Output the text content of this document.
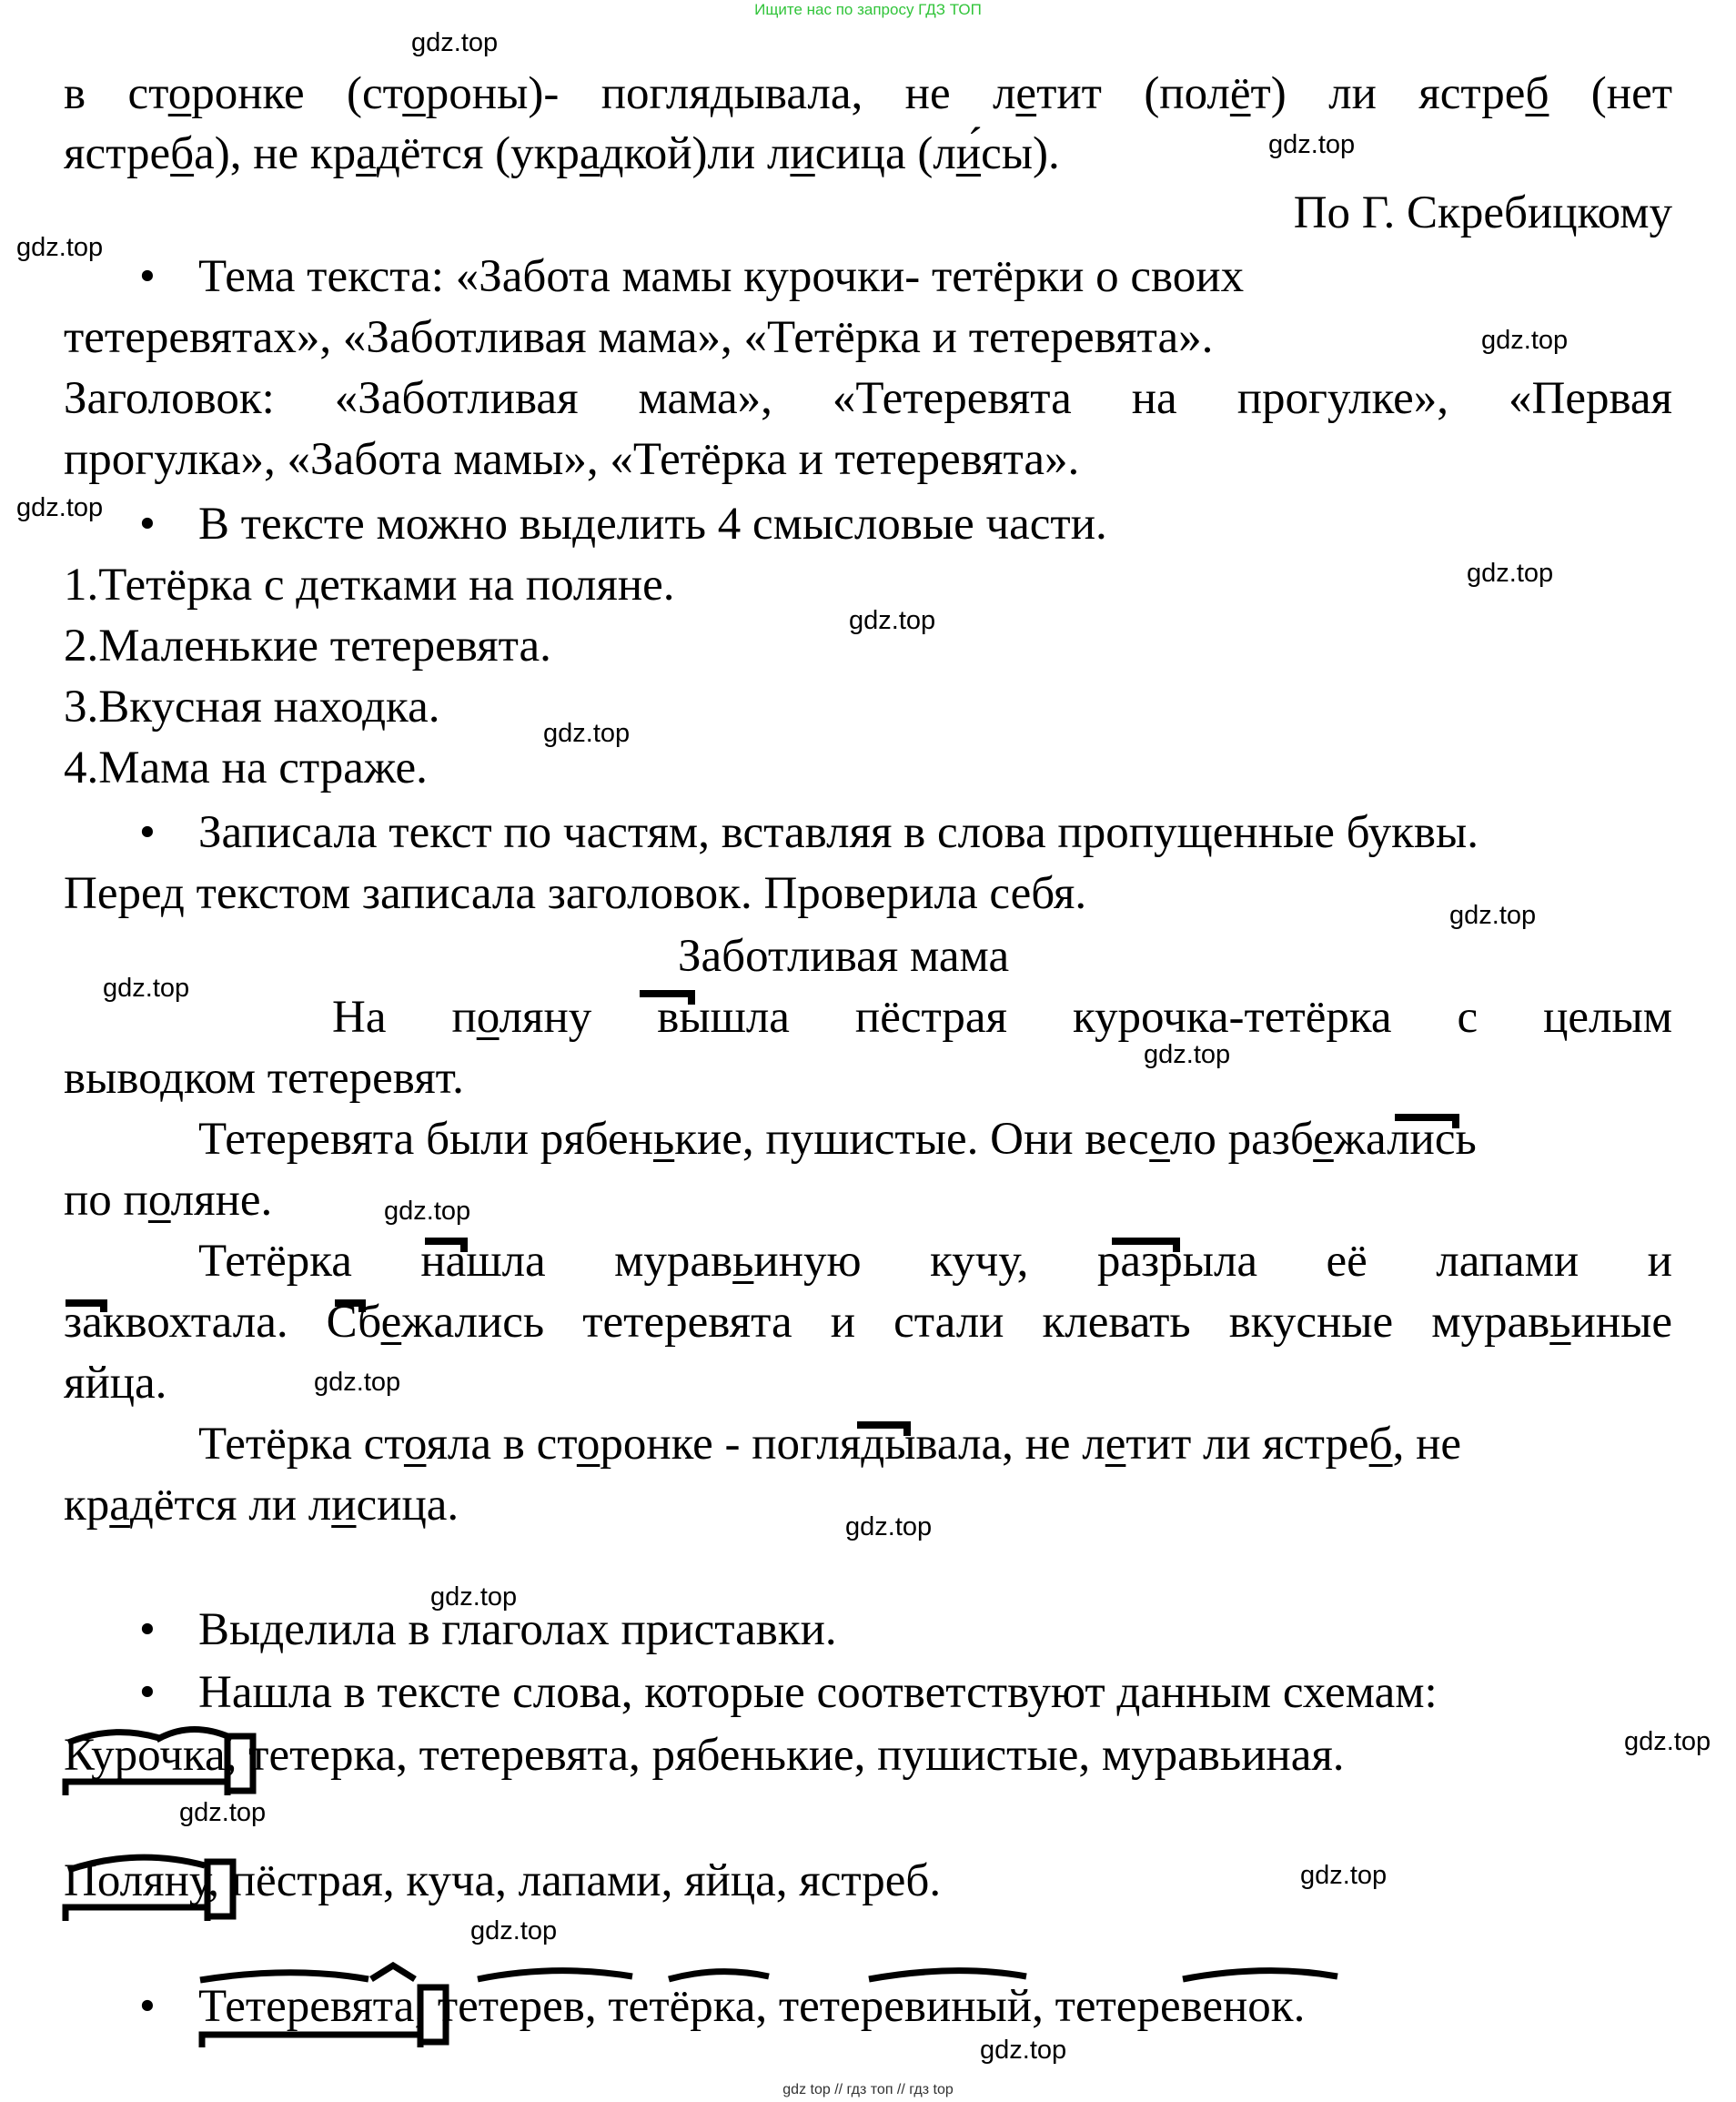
Ищите нас по запросу ГДЗ ТОП
в сторонке (стороны)- поглядывала, не летит (полёт) ли ястреб (нет
ястреба), не крадётся (украдкой)ли лисица (ли́сы).
По Г. Скребицкому
• Тема текста: «Забота мамы курочки- тетёрки о своих
тетеревятах», «Заботливая мама», «Тетёрка и тетеревята».
Заголовок: «Заботливая мама», «Тетеревята на прогулке», «Первая
прогулка», «Забота мамы», «Тетёрка и тетеревята».
• В тексте можно выделить 4 смысловые части.
1.Тетёрка с детками на поляне.
2.Маленькие тетеревята.
3.Вкусная находка.
4.Мама на страже.
• Записала текст по частям, вставляя в слова пропущенные буквы.
Перед текстом записала заголовок. Проверила себя.
Заботливая мама
На поляну вышла пёстрая курочка-тетёрка с целым
выводком тетеревят.
Тетеревята были рябенькие, пушистые. Они весело разбежались
по поляне.
Тетёрка нашла муравьиную кучу, разрыла её лапами и
заквохтала. Сбежались тетеревята и стали клевать вкусные муравьиные
яйца.
Тетёрка стояла в сторонке - поглядывала, не летит ли ястреб, не
крадётся ли лисица.
• Выделила в глаголах приставки.
• Нашла в тексте слова, которые соответствуют данным схемам:
Курочка, тетерка, тетеревята, рябенькие, пушистые, муравьиная.
Поляну, пёстрая, куча, лапами, яйца, ястреб.
• Тетеревята, тетерев, тетёрка, тетеревиный, тетеревенок.
gdz.top
gdz.top
gdz.top
gdz.top
gdz.top
gdz.top
gdz.top
gdz.top
gdz.top
gdz.top
gdz.top
gdz.top
gdz.top
gdz.top
gdz.top
gdz.top
gdz.top
gdz.top
gdz.top
gdz.top
gdz top // гдз топ // гдз top
